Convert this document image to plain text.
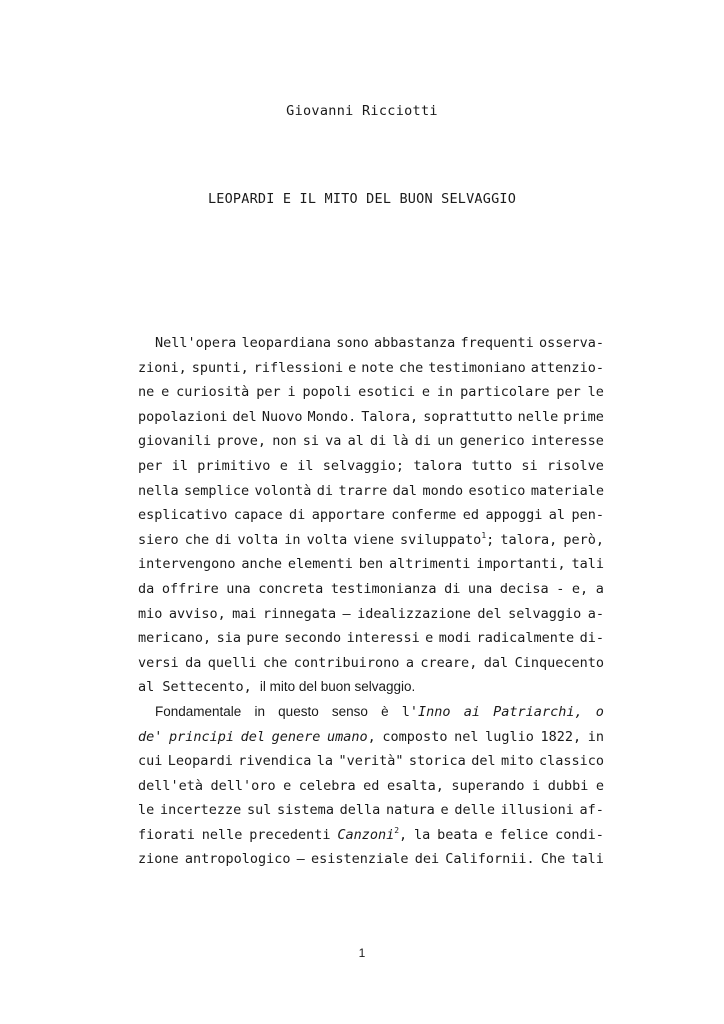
Giovanni Ricciotti
LEOPARDI E IL MITO DEL BUON SELVAGGIO
Nell'opera leopardiana sono abbastanza frequenti osserva-
zioni, spunti, riflessioni e note che testimoniano attenzio-
ne e curiosità per i popoli esotici e in particolare per le
popolazioni del Nuovo Mondo. Talora, soprattutto nelle prime
giovanili prove, non si va al di là di un generico interesse
per il primitivo e il selvaggio; talora tutto si risolve
nella semplice volontà di trarre dal mondo esotico materiale
esplicativo capace di apportare conferme ed appoggi al pen-
siero che di volta in volta viene sviluppato$^1$; talora, però,
intervengono anche elementi ben altrimenti importanti, tali
da offrire una concreta testimonianza di una decisa - e, a
mio avviso, mai rinnegata – idealizzazione del selvaggio a-
mericano, sia pure secondo interessi e modi radicalmente di-
versi da quelli che contribuirono a creare, dal Cinquecento
al Settecento, il mito del buon selvaggio.
Fondamentale in questo senso è l'Inno ai Patriarchi, o
de' principi del genere umano, composto nel luglio 1822, in
cui Leopardi rivendica la "verità" storica del mito classico
dell'età dell'oro e celebra ed esalta, superando i dubbi e
le incertezze sul sistema della natura e delle illusioni af-
fiorati nelle precedenti Canzoni$^2$, la beata e felice condi-
zione antropologico – esistenziale dei Californii. Che tali
1
